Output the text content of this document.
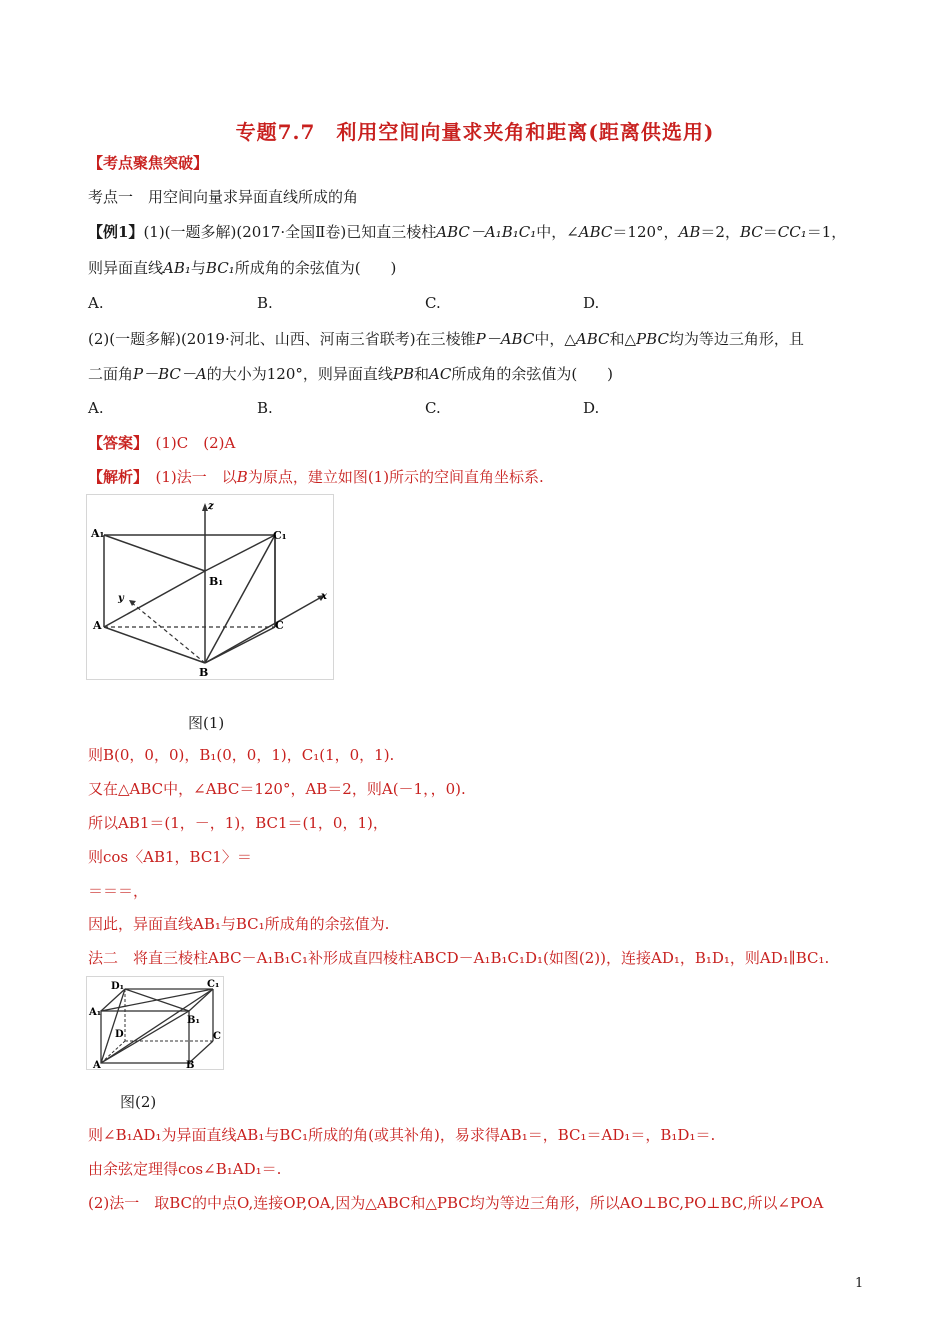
专题7.7　利用空间向量求夹角和距离(距离供选用)
【考点聚焦突破】
考点一　用空间向量求异面直线所成的角
【例1】(1)(一题多解)(2017·全国Ⅱ卷)已知直三棱柱ABC－A₁B₁C₁中，∠ABC＝120°，AB＝2，BC＝CC₁＝1，
则异面直线AB₁与BC₁所成角的余弦值为(　　)
A.	B.	C.	D.
(2)(一题多解)(2019·河北、山西、河南三省联考)在三棱锥P－ABC中，△ABC和△PBC均为等边三角形，且
二面角P－BC－A的大小为120°，则异面直线PB和AC所成角的余弦值为(　　)
A.	B.	C.	D.
【答案】　 (1)C　(2)A
【解析】　 (1)法一　以B为原点，建立如图(1)所示的空间直角坐标系.
A₁	C₁
B₁
A
B
C
x
y
z
图(1)
则B(0，0，0)，B₁(0，0，1)，C₁(1，0，1).
又在△ABC中，∠ABC＝120°，AB＝2，则A(－1，，0).
所以AB1＝(1，－，1)，BC1＝(1，0，1)，
则cos〈AB1，BC1〉＝
＝＝＝，
因此，异面直线AB₁与BC₁所成角的余弦值为.
法二　将直三棱柱ABC－A₁B₁C₁补形成直四棱柱ABCD－A₁B₁C₁D₁(如图(2))，连接AD₁，B₁D₁，则AD₁∥BC₁.
D₁	C₁
A₁
B₁
D	C
A	B
图(2)
则∠B₁AD₁为异面直线AB₁与BC₁所成的角(或其补角)，易求得AB₁＝，BC₁＝AD₁＝，B₁D₁＝.
由余弦定理得cos∠B₁AD₁＝.
(2)法一　取BC的中点O,连接OP,OA,因为△ABC和△PBC均为等边三角形，所以AO⊥BC,PO⊥BC,所以∠POA
1
